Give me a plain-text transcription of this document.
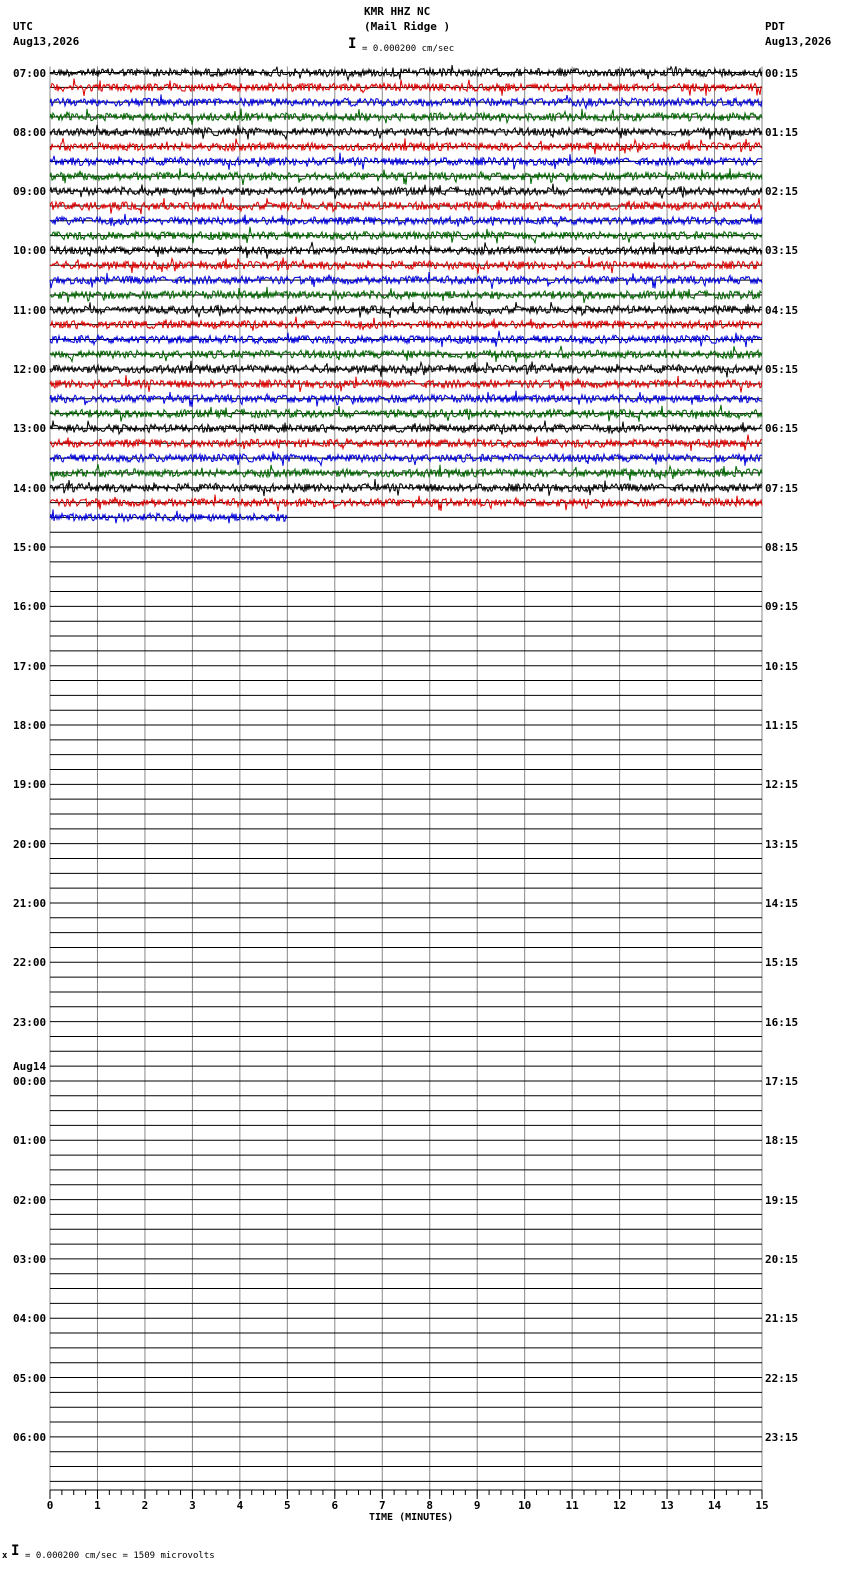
KMR HHZ NC
(Mail Ridge )
I = 0.000200 cm/sec
UTC
Aug13,2026
PDT
Aug13,2026
07:00	00:15
08:00	01:15
09:00	02:15
10:00	03:15
11:00	04:15
12:00	05:15
13:00	06:15
14:00	07:15
15:00	08:15
16:00	09:15
17:00	10:15
18:00	11:15
19:00	12:15
20:00	13:15
21:00	14:15
22:00	15:15
23:00	16:15
00:00	17:15
01:00	18:15
02:00	19:15
03:00	20:15
04:00	21:15
05:00	22:15
06:00	23:15
Aug14
0	1	2	3	4	5	6	7	8	9	10	11	12	13	14	15
TIME (MINUTES)
x I = 0.000200 cm/sec = 1509 microvolts
